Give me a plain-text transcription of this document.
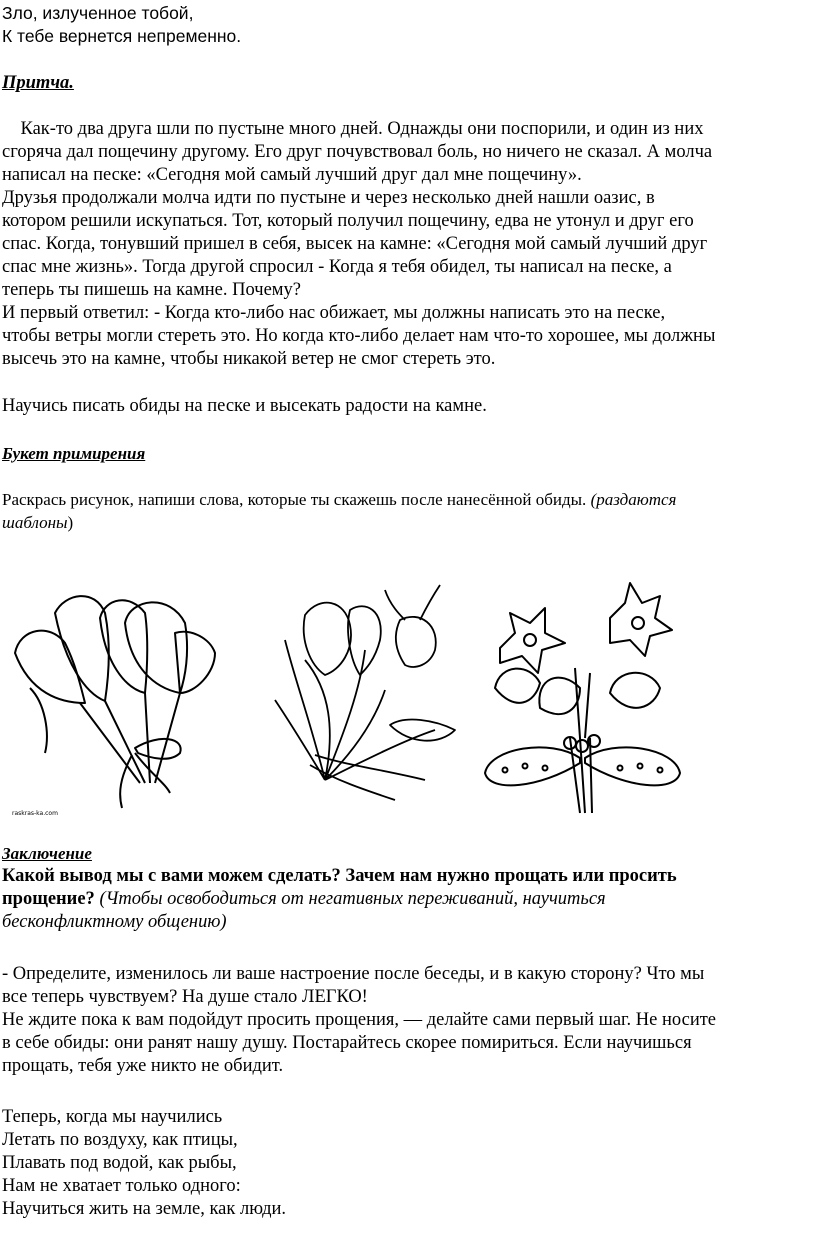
Зло, излученное тобой,

К тебе вернется непременно.

Притча.

Как-то два друга шли по пустыне много дней. Однажды они поспорили, и один из них

сгоряча дал пощечину другому. Его друг почувствовал боль, но ничего не сказал. А молча

написал на песке: «Сегодня мой самый лучший друг дал мне пощечину».

Друзья продолжали молча идти по пустыне и через несколько дней нашли оазис, в

котором решили искупаться. Тот, который получил пощечину, едва не утонул и друг его

спас. Когда, тонувший пришел в себя, высек на камне: «Сегодня мой самый лучший друг

спас мне жизнь». Тогда другой спросил - Когда я тебя обидел, ты написал на песке, а

теперь ты пишешь на камне. Почему?

И первый ответил: - Когда кто-либо нас обижает, мы должны написать это на песке,

чтобы ветры могли стереть это. Но когда кто-либо делает нам что-то хорошее, мы должны

высечь это на камне, чтобы никакой ветер не смог стереть это.

Научись писать обиды на песке и высекать радости на камне.

Букет примирения

Раскрась рисунок, напиши слова, которые ты скажешь после нанесённой обиды. (раздаются

шаблоны)

raskras-ka.com

Заключение

Какой вывод мы с вами можем сделать? Зачем нам нужно прощать или просить

прощение? (Чтобы освободиться от негативных переживаний, научиться

бесконфликтному общению)

- Определите, изменилось ли ваше настроение после беседы, и в какую сторону? Что мы

все теперь чувствуем? На душе стало ЛЕГКО!

Не ждите пока к вам подойдут просить прощения, — делайте сами первый шаг. Не носите

в себе обиды: они ранят нашу душу. Постарайтесь скорее помириться. Если научишься

прощать, тебя уже никто не обидит.

Теперь, когда мы научились

Летать по воздуху, как птицы,

Плавать под водой, как рыбы,

Нам не хватает только одного:

Научиться жить на земле, как люди.
